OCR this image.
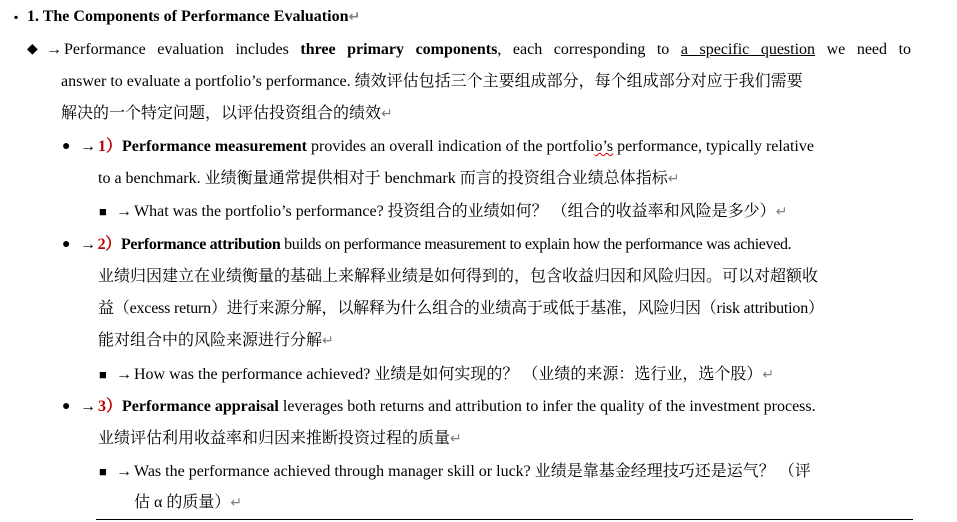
▪ 1. The Components of Performance Evaluation↵
◆ → Performance evaluation includes three primary components, each corresponding to a specific question we need to
answer to evaluate a portfolio’s performance. 绩效评估包括三个主要组成部分，每个组成部分对应于我们需要
解决的一个特定问题，以评估投资组合的绩效↵
● → 1）Performance measurement provides an overall indication of the portfolio’s performance, typically relative
to a benchmark. 业绩衡量通常提供相对于 benchmark 而言的投资组合业绩总体指标↵
■ → What was the portfolio’s performance? 投资组合的业绩如何？ （组合的收益率和风险是多少）↵
● → 2）Performance attribution builds on performance measurement to explain how the performance was achieved.
业绩归因建立在业绩衡量的基础上来解释业绩是如何得到的，包含收益归因和风险归因。可以对超额收
益（excess return）进行来源分解，以解释为什么组合的业绩高于或低于基准，风险归因（risk attribution）
能对组合中的风险来源进行分解↵
■ → How was the performance achieved? 业绩是如何实现的？ （业绩的来源：选行业，选个股）↵
● → 3）Performance appraisal leverages both returns and attribution to infer the quality of the investment process.
业绩评估利用收益率和归因来推断投资过程的质量↵
■ → Was the performance achieved through manager skill or luck? 业绩是靠基金经理技巧还是运气？ （评
估 α 的质量）↵
